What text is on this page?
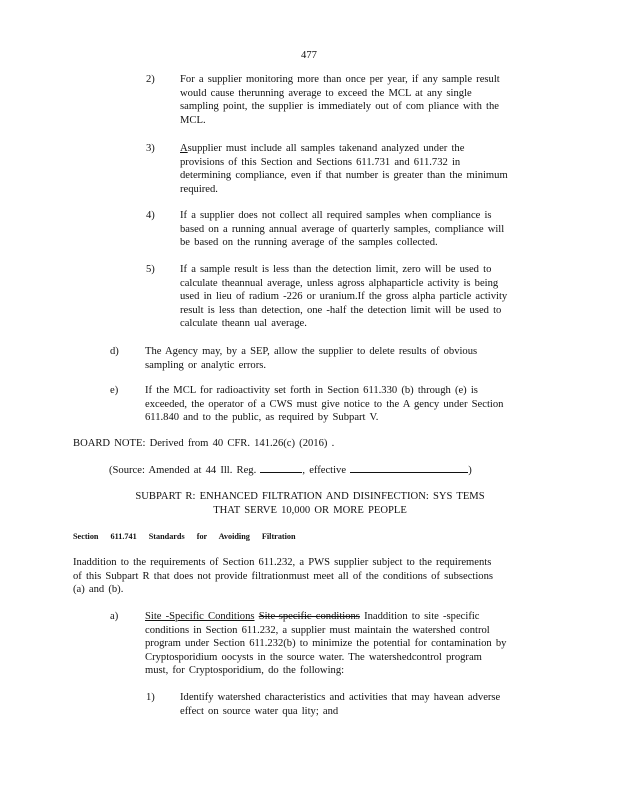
477
2) For a supplier monitoring more than once per year, if any sample result
would cause therunning average to exceed the MCL at any single
sampling point, the supplier is immediately out of com pliance with the
MCL.
3) Asupplier must include all samples takenand analyzed under the
provisions of this Section and Sections 611.731 and 611.732 in
determining compliance, even if that number is greater than the minimum
required.
4) If a supplier does not collect all required samples when compliance is
based on a running annual average of quarterly samples, compliance will
be based on the running average of the samples collected.
5) If a sample result is less than the detection limit, zero will be used to
calculate theannual average, unless agross alphaparticle activity is being
used in lieu of radium -226 or uranium.If the gross alpha particle activity
result is less than detection, one -half the detection limit will be used to
calculate theann ual average.
d) The Agency may, by a SEP, allow the supplier to delete results of obvious
sampling or analytic errors.
e)	If the MCL for radioactivity set forth in Section 611.330 (b) through (e) is
exceeded, the operator of a CWS must give notice to the A gency under Section
611.840 and to the public, as required by Subpart V.
BOARD NOTE: Derived from 40 CFR. 141.26(c) (2016) .
(Source: Amended at 44 Ill. Reg.	, effective	)
SUBPART R: ENHANCED FILTRATION AND DISINFECTION: SYS TEMS
THAT SERVE 10,000 OR MORE PEOPLE
Section 611.741 Standards for Avoiding Filtration
Inaddition to the requirements of Section 611.232, a PWS supplier subject to the requirements
of this Subpart R that does not provide filtrationmust meet all of the conditions of subsections
(a) and (b).
a)	Site -Specific Conditions Site-specific conditions Inaddition to site -specific
conditions in Section 611.232, a supplier must maintain the watershed control
program under Section 611.232(b) to minimize the potential for contamination by
Cryptosporidium oocysts in the source water. The watershedcontrol program
must, for Cryptosporidium, do the following:
1) Identify watershed characteristics and activities that may havean adverse
effect on source water qua lity; and
